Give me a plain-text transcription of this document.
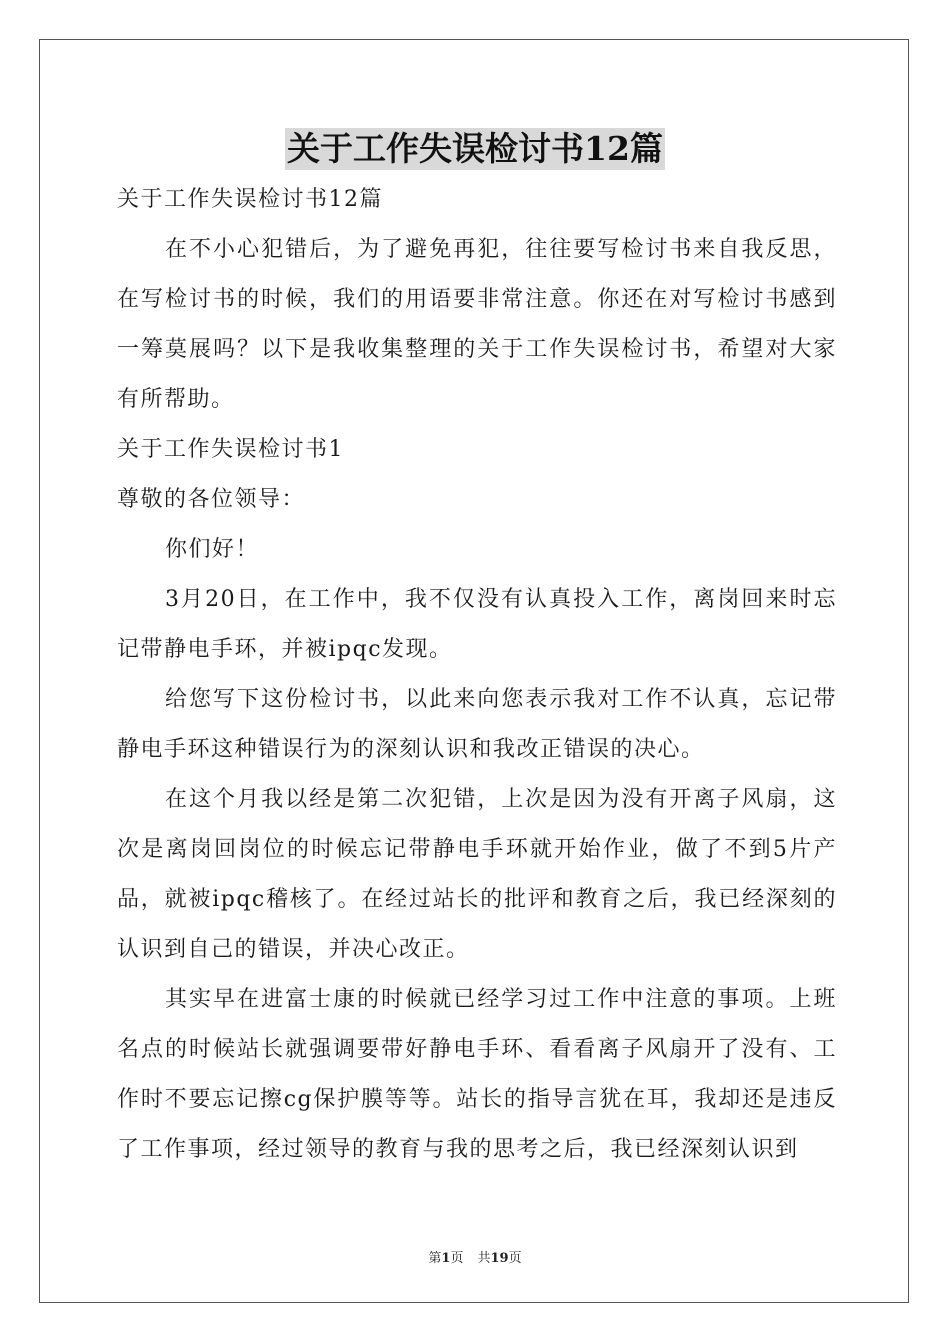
关于工作失误检讨书12篇

关于工作失误检讨书12篇

在不小心犯错后，为了避免再犯，往往要写检讨书来自我反思，在写检讨书的时候，我们的用语要非常注意。你还在对写检讨书感到一筹莫展吗？以下是我收集整理的关于工作失误检讨书，希望对大家有所帮助。

关于工作失误检讨书1

尊敬的各位领导：

你们好！

3月20日，在工作中，我不仅没有认真投入工作，离岗回来时忘记带静电手环，并被ipqc发现。

给您写下这份检讨书，以此来向您表示我对工作不认真，忘记带静电手环这种错误行为的深刻认识和我改正错误的决心。

在这个月我以经是第二次犯错，上次是因为没有开离子风扇，这次是离岗回岗位的时候忘记带静电手环就开始作业，做了不到5片产品，就被ipqc稽核了。在经过站长的批评和教育之后，我已经深刻的认识到自己的错误，并决心改正。

其实早在进富士康的时候就已经学习过工作中注意的事项。上班名点的时候站长就强调要带好静电手环、看看离子风扇开了没有、工作时不要忘记擦cg保护膜等等。站长的指导言犹在耳，我却还是违反了工作事项，经过领导的教育与我的思考之后，我已经深刻认识到

第1页 共19页
